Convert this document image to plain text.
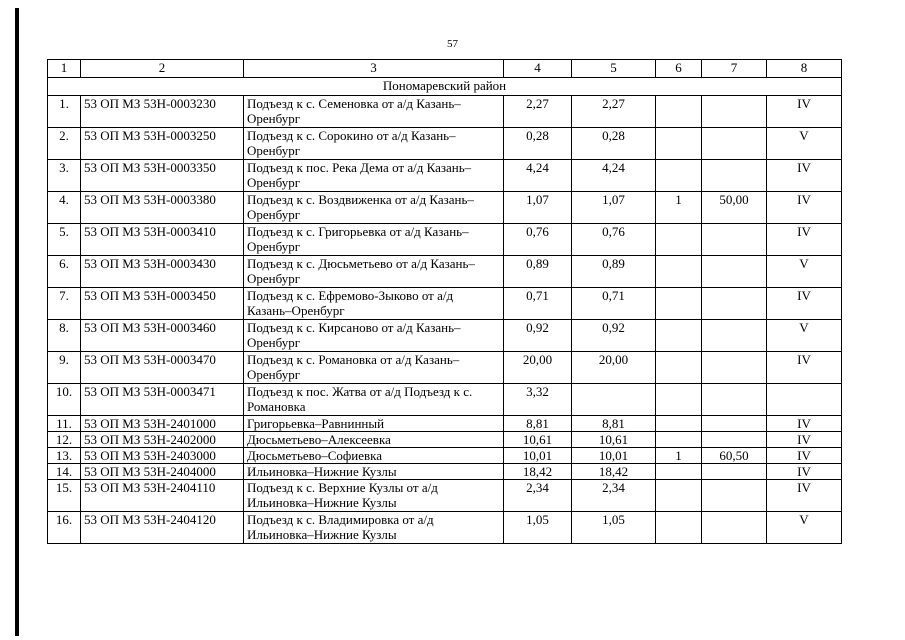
57
1	2	3	4	5	6	7	8
Пономаревский район							
1.	53 ОП МЗ 53Н-0003230	Подъезд к с. Семеновка от а/д Казань–Оренбург	2,27	2,27			IV
2.	53 ОП МЗ 53Н-0003250	Подъезд к с. Сорокино от а/д Казань–Оренбург	0,28	0,28			V
3.	53 ОП МЗ 53Н-0003350	Подъезд к пос. Река Дема от а/д Казань–Оренбург	4,24	4,24			IV
4.	53 ОП МЗ 53Н-0003380	Подъезд к с. Воздвиженка от а/д Казань–Оренбург	1,07	1,07	1	50,00	IV
5.	53 ОП МЗ 53Н-0003410	Подъезд к с. Григорьевка от а/д Казань–Оренбург	0,76	0,76			IV
6.	53 ОП МЗ 53Н-0003430	Подъезд к с. Дюсьметьево от а/д Казань–Оренбург	0,89	0,89			V
7.	53 ОП МЗ 53Н-0003450	Подъезд к с. Ефремово-Зыково от а/д Казань–Оренбург	0,71	0,71			IV
8.	53 ОП МЗ 53Н-0003460	Подъезд к с. Кирсаново от а/д Казань–Оренбург	0,92	0,92			V
9.	53 ОП МЗ 53Н-0003470	Подъезд к с. Романовка от а/д Казань–Оренбург	20,00	20,00			IV
10.	53 ОП МЗ 53Н-0003471	Подъезд к пос. Жатва от а/д Подъезд к с. Романовка	3,32				
11.	53 ОП МЗ 53Н-2401000	Григорьевка–Равнинный	8,81	8,81			IV
12.	53 ОП МЗ 53Н-2402000	Дюсьметьево–Алексеевка	10,61	10,61			IV
13.	53 ОП МЗ 53Н-2403000	Дюсьметьево–Софиевка	10,01	10,01	1	60,50	IV
14.	53 ОП МЗ 53Н-2404000	Ильиновка–Нижние Кузлы	18,42	18,42			IV
15.	53 ОП МЗ 53Н-2404110	Подъезд к с. Верхние Кузлы от а/д Ильиновка–Нижние Кузлы	2,34	2,34			IV
16.	53 ОП МЗ 53Н-2404120	Подъезд к с. Владимировка от а/д Ильиновка–Нижние Кузлы	1,05	1,05			V
